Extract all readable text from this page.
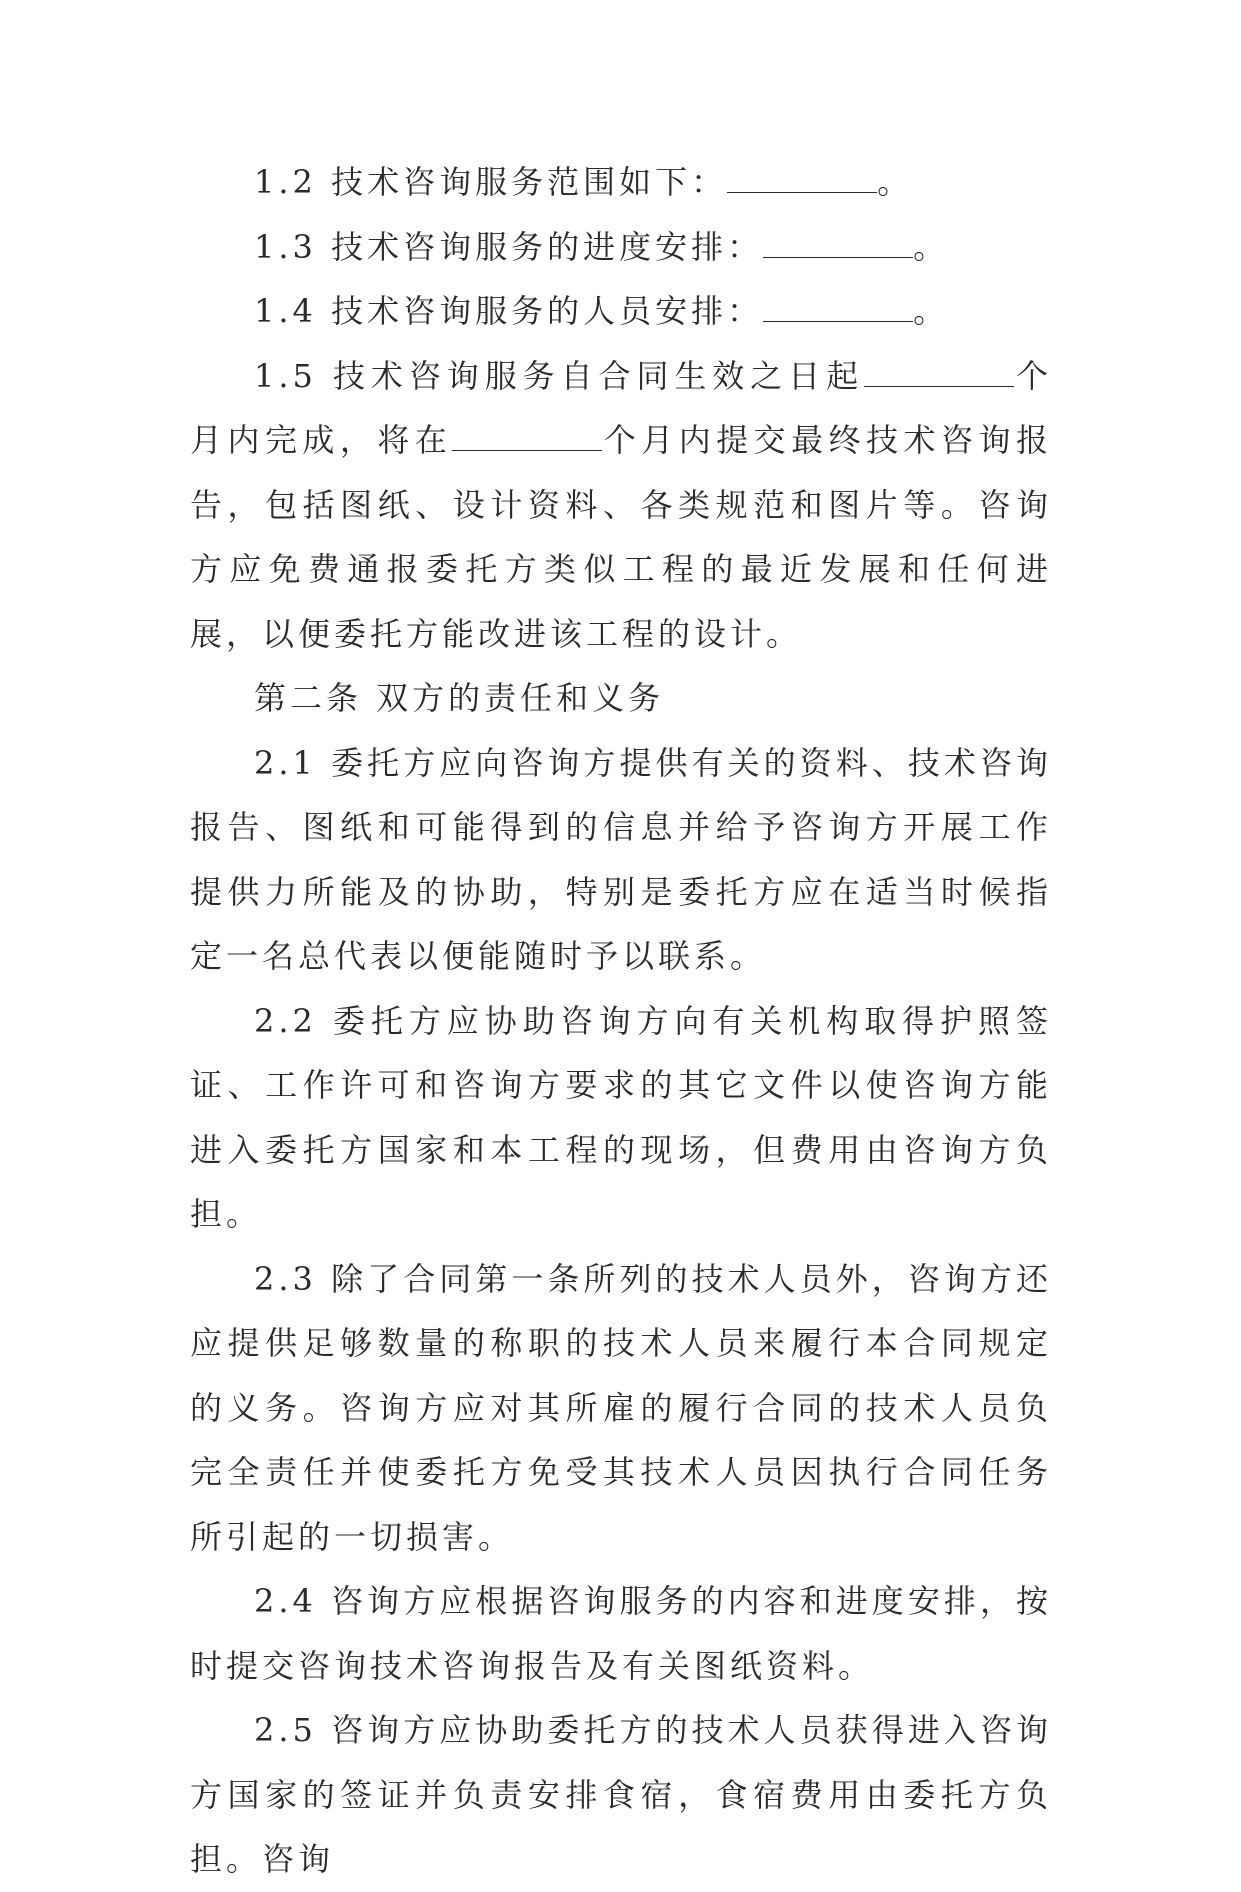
1.2 技术咨询服务范围如下：	。

1.3 技术咨询服务的进度安排：	。

1.4 技术咨询服务的人员安排：	。

1.5 技术咨询服务自合同生效之日起	个月内完成，将在	个月内提交最终技术咨询报告，包括图纸、设计资料、各类规范和图片等。咨询方应免费通报委托方类似工程的最近发展和任何进展，以便委托方能改进该工程的设计。

第二条 双方的责任和义务

2.1 委托方应向咨询方提供有关的资料、技术咨询报告、图纸和可能得到的信息并给予咨询方开展工作提供力所能及的协助，特别是委托方应在适当时候指定一名总代表以便能随时予以联系。

2.2 委托方应协助咨询方向有关机构取得护照签证、工作许可和咨询方要求的其它文件以使咨询方能进入委托方国家和本工程的现场，但费用由咨询方负担。

2.3 除了合同第一条所列的技术人员外，咨询方还应提供足够数量的称职的技术人员来履行本合同规定的义务。咨询方应对其所雇的履行合同的技术人员负完全责任并使委托方免受其技术人员因执行合同任务所引起的一切损害。

2.4 咨询方应根据咨询服务的内容和进度安排，按时提交咨询技术咨询报告及有关图纸资料。

2.5 咨询方应协助委托方的技术人员获得进入咨询方国家的签证并负责安排食宿，食宿费用由委托方负担。咨询
